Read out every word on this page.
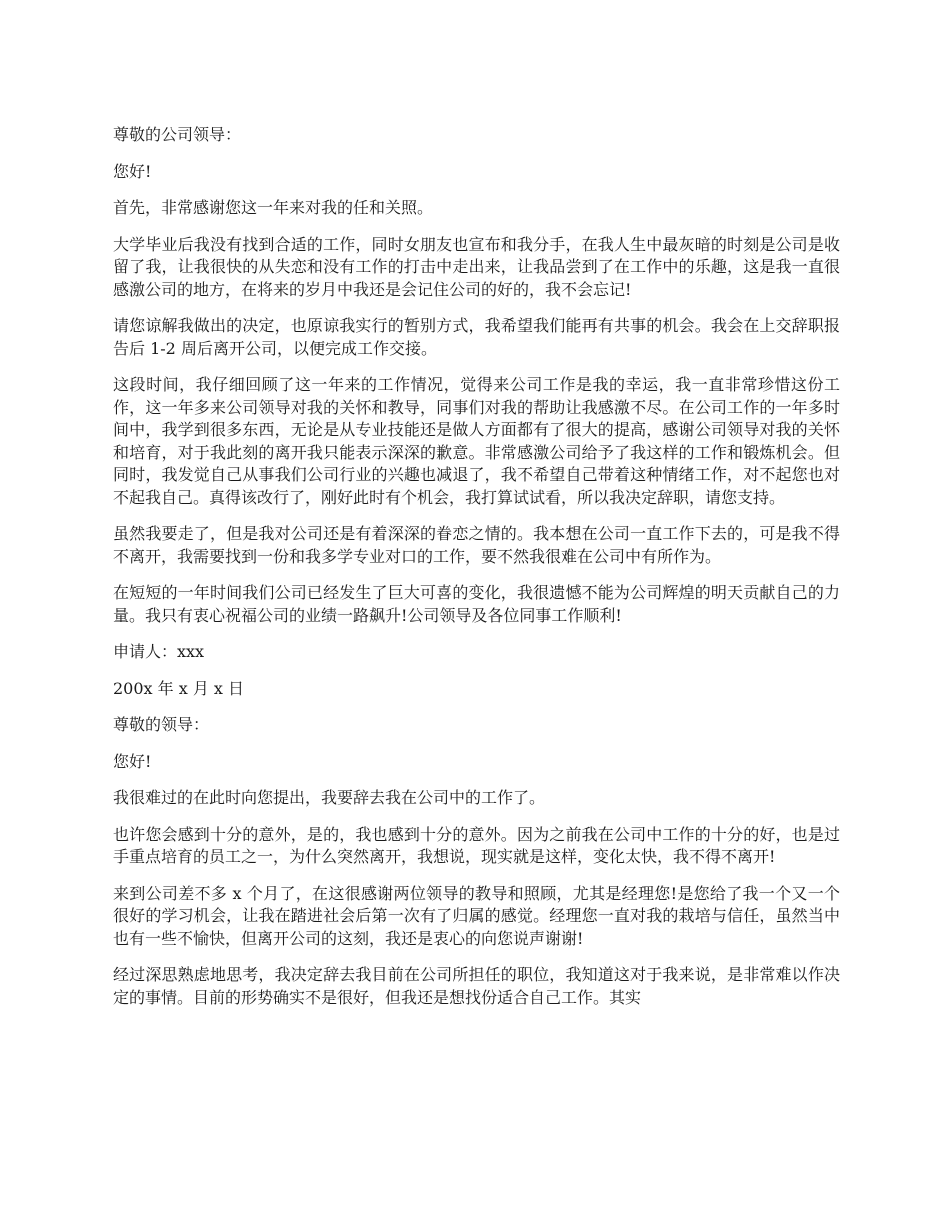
尊敬的公司领导：

您好!

首先，非常感谢您这一年来对我的任和关照。

大学毕业后我没有找到合适的工作，同时女朋友也宣布和我分手，在我人生中最灰暗的时刻是公司是收留了我，让我很快的从失恋和没有工作的打击中走出来，让我品尝到了在工作中的乐趣，这是我一直很感激公司的地方，在将来的岁月中我还是会记住公司的好的，我不会忘记!

请您谅解我做出的决定，也原谅我实行的暂别方式，我希望我们能再有共事的机会。我会在上交辞职报告后 1-2 周后离开公司，以便完成工作交接。

这段时间，我仔细回顾了这一年来的工作情况，觉得来公司工作是我的幸运，我一直非常珍惜这份工作，这一年多来公司领导对我的关怀和教导，同事们对我的帮助让我感激不尽。在公司工作的一年多时间中，我学到很多东西，无论是从专业技能还是做人方面都有了很大的提高，感谢公司领导对我的关怀和培育，对于我此刻的离开我只能表示深深的歉意。非常感激公司给予了我这样的工作和锻炼机会。但同时，我发觉自己从事我们公司行业的兴趣也减退了，我不希望自己带着这种情绪工作，对不起您也对不起我自己。真得该改行了，刚好此时有个机会，我打算试试看，所以我决定辞职，请您支持。

虽然我要走了，但是我对公司还是有着深深的眷恋之情的。我本想在公司一直工作下去的，可是我不得不离开，我需要找到一份和我多学专业对口的工作，要不然我很难在公司中有所作为。

在短短的一年时间我们公司已经发生了巨大可喜的变化，我很遗憾不能为公司辉煌的明天贡献自己的力量。我只有衷心祝福公司的业绩一路飙升!公司领导及各位同事工作顺利!

申请人：xxx

200x 年 x 月 x 日

尊敬的领导：

您好!

我很难过的在此时向您提出，我要辞去我在公司中的工作了。

也许您会感到十分的意外，是的，我也感到十分的意外。因为之前我在公司中工作的十分的好，也是过手重点培育的员工之一，为什么突然离开，我想说，现实就是这样，变化太快，我不得不离开!

来到公司差不多 x 个月了，在这很感谢两位领导的教导和照顾，尤其是经理您!是您给了我一个又一个很好的学习机会，让我在踏进社会后第一次有了归属的感觉。经理您一直对我的栽培与信任，虽然当中也有一些不愉快，但离开公司的这刻，我还是衷心的向您说声谢谢!

经过深思熟虑地思考，我决定辞去我目前在公司所担任的职位，我知道这对于我来说，是非常难以作决定的事情。目前的形势确实不是很好，但我还是想找份适合自己工作。其实
